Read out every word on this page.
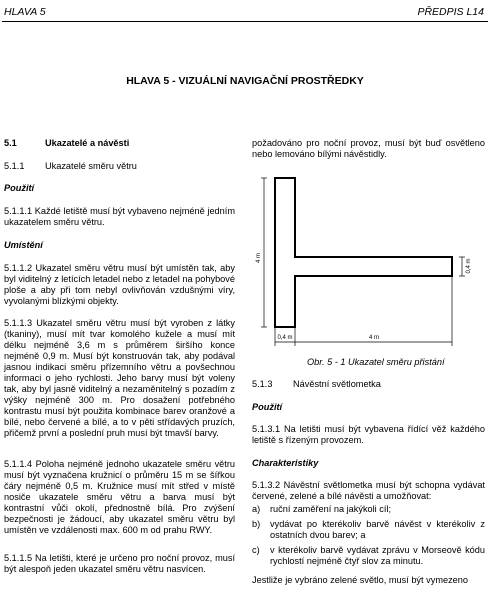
HLAVA 5	PŘEDPIS L14
HLAVA 5 - VIZUÁLNÍ NAVIGAČNÍ PROSTŘEDKY
5.1	Ukazatelé a návěsti
5.1.1 Ukazatelé směru větru
Použití
5.1.1.1 Každé letiště musí být vybaveno nejméně jedním ukazatelem směru větru.
Umístění
5.1.1.2 Ukazatel směru větru musí být umístěn tak, aby byl viditelný z letících letadel nebo z letadel na pohybové ploše a aby při tom nebyl ovlivňován vzdušnými víry, vyvolanými blízkými objekty.
5.1.1.3 Ukazatel směru větru musí být vyroben z látky (tkaniny), musí mít tvar komolého kužele a musí mít délku nejméně 3,6 m s průměrem širšího konce nejméně 0,9 m. Musí být konstruován tak, aby podával jasnou indikaci směru přízemního větru a povšechnou informaci o jeho rychlosti. Jeho barvy musí být voleny tak, aby byl jasně viditelný a nezaměnitelný s pozadím z výšky nejméně 300 m. Pro dosažení potřebného kontrastu musí být použita kombinace barev oranžové a bílé, nebo červené a bílé, a to v pěti střídavých pruzích, přičemž první a poslední pruh musí být tmavší barvy.
5.1.1.4 Poloha nejméně jednoho ukazatele směru větru musí být vyznačena kružnicí o průměru 15 m se šířkou čáry nejméně 0,5 m. Kružnice musí mít střed v místě nosiče ukazatele směru větru a barva musí být kontrastní vůči okolí, přednostně bílá. Pro zvýšení bezpečnosti je žádoucí, aby ukazatel směru větru byl umístěn ve vzdálenosti max. 600 m od prahu RWY.
5.1.1.5 Na letišti, které je určeno pro noční provoz, musí být alespoň jeden ukazatel směru větru nasvícen.
požadováno pro noční provoz, musí být buď osvětleno nebo lemováno bílými návěstidly.
4 m
0,4 m
0,4 m	4 m
Obr. 5 - 1 Ukazatel směru přistání
5.1.3 Návěstní světlometka
Použití
5.1.3.1 Na letišti musí být vybavena řídící věž každého letiště s řízeným provozem.
Charakteristiky
5.1.3.2 Návěstní světlometka musí být schopna vydávat červené, zelené a bílé návěsti a umožňovat:
a) ruční zaměření na jakýkoli cíl;
b) vydávat po kterékoliv barvě návěst v kterékoliv z ostatních dvou barev; a
c) v kterékoliv barvě vydávat zprávu v Morseově kódu rychlostí nejméně čtyř slov za minutu.
Jestliže je vybráno zelené světlo, musí být vymezeno
